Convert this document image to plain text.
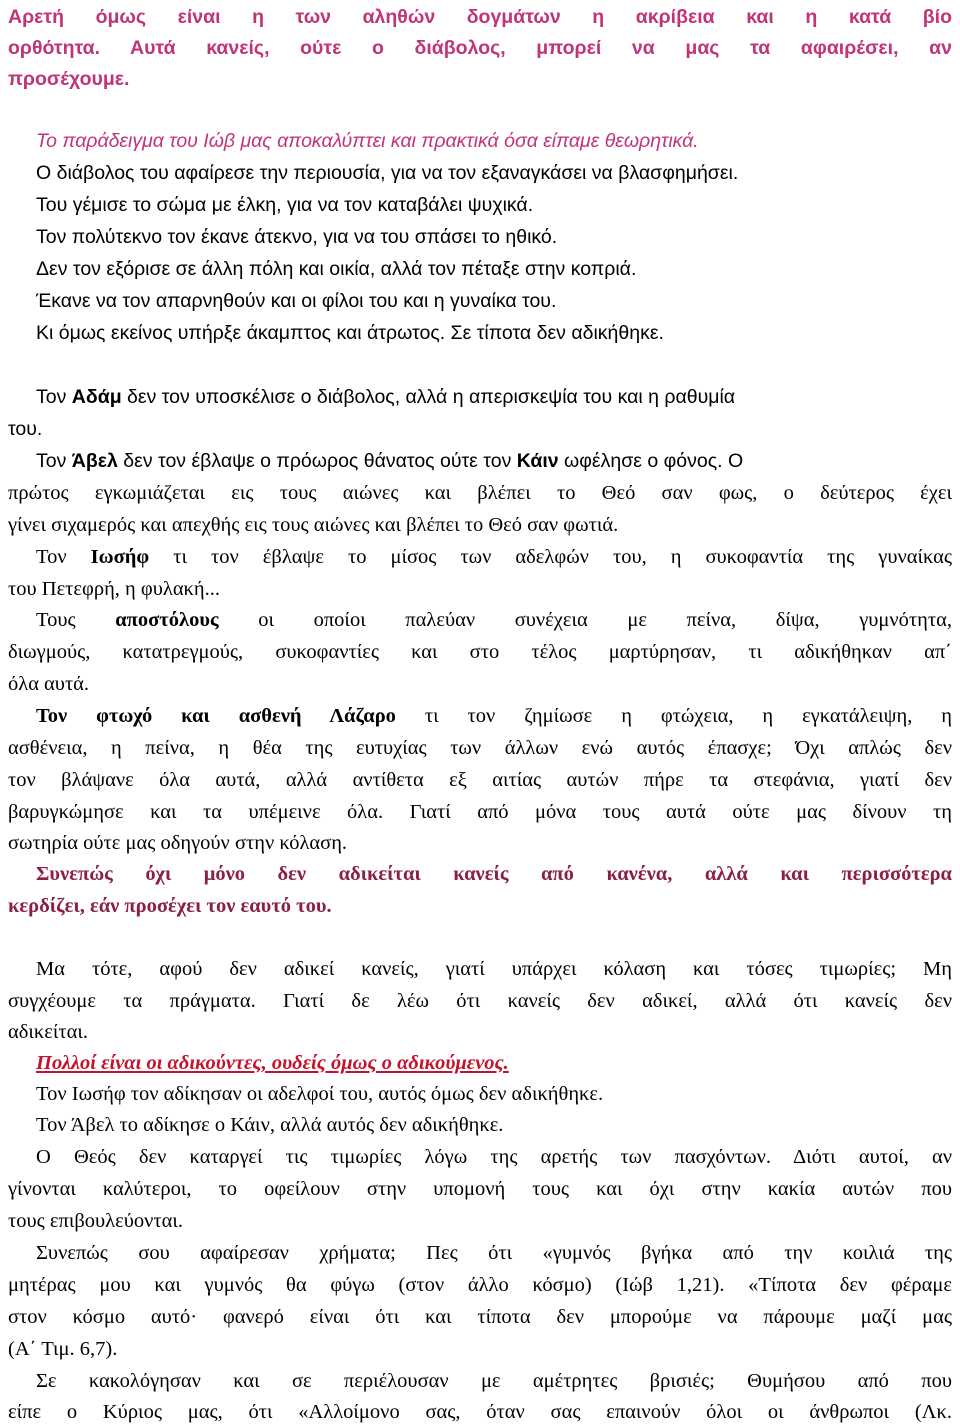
Αρετή όμως είναι η των αληθών δογμάτων η ακρίβεια και η κατά βίο
ορθότητα. Αυτά κανείς, ούτε ο διάβολος, μπορεί να μας τα αφαιρέσει, αν
προσέχουμε.
Το παράδειγμα του Ιώβ μας αποκαλύπτει και πρακτικά όσα είπαμε θεωρητικά.
Ο διάβολος του αφαίρεσε την περιουσία, για να τον εξαναγκάσει να βλασφημήσει.
Του γέμισε το σώμα με έλκη, για να τον καταβάλει ψυχικά.
Τον πολύτεκνο τον έκανε άτεκνο, για να του σπάσει το ηθικό.
Δεν τον εξόρισε σε άλλη πόλη και οικία, αλλά τον πέταξε στην κοπριά.
Έκανε να τον απαρνηθούν και οι φίλοι του και η γυναίκα του.
Κι όμως εκείνος υπήρξε άκαμπτος και άτρωτος. Σε τίποτα δεν αδικήθηκε.
Τον Αδάμ δεν τον υποσκέλισε ο διάβολος, αλλά η απερισκεψία του και η ραθυμία
του.
Τον Άβελ δεν τον έβλαψε ο πρόωρος θάνατος ούτε τον Κάιν ωφέλησε ο φόνος. Ο
πρώτος εγκωμιάζεται εις τους αιώνες και βλέπει το Θεό σαν φως, ο δεύτερος έχει
γίνει σιχαμερός και απεχθής εις τους αιώνες και βλέπει το Θεό σαν φωτιά.
Τον Ιωσήφ τι τον έβλαψε το μίσος των αδελφών του, η συκοφαντία της γυναίκας
του Πετεφρή, η φυλακή...
Τους αποστόλους οι οποίοι παλεύαν συνέχεια με πείνα, δίψα, γυμνότητα,
διωγμούς, κατατρεγμούς, συκοφαντίες και στο τέλος μαρτύρησαν, τι αδικήθηκαν απ΄
όλα αυτά.
Τον φτωχό και ασθενή Λάζαρο τι τον ζημίωσε η φτώχεια, η εγκατάλειψη, η
ασθένεια, η πείνα, η θέα της ευτυχίας των άλλων ενώ αυτός έπασχε; Όχι απλώς δεν
τον βλάψανε όλα αυτά, αλλά αντίθετα εξ αιτίας αυτών πήρε τα στεφάνια, γιατί δεν
βαρυγκώμησε και τα υπέμεινε όλα. Γιατί από μόνα τους αυτά ούτε μας δίνουν τη
σωτηρία ούτε μας οδηγούν στην κόλαση.
Συνεπώς όχι μόνο δεν αδικείται κανείς από κανένα, αλλά και περισσότερα
κερδίζει, εάν προσέχει τον εαυτό του.
Μα τότε, αφού δεν αδικεί κανείς, γιατί υπάρχει κόλαση και τόσες τιμωρίες; Μη
συγχέουμε τα πράγματα. Γιατί δε λέω ότι κανείς δεν αδικεί, αλλά ότι κανείς δεν
αδικείται.
Πολλοί είναι οι αδικούντες, ουδείς όμως ο αδικούμενος.
Τον Ιωσήφ τον αδίκησαν οι αδελφοί του, αυτός όμως δεν αδικήθηκε.
Τον Άβελ το αδίκησε ο Κάιν, αλλά αυτός δεν αδικήθηκε.
Ο Θεός δεν καταργεί τις τιμωρίες λόγω της αρετής των πασχόντων. Διότι αυτοί, αν
γίνονται καλύτεροι, το οφείλουν στην υπομονή τους και όχι στην κακία αυτών που
τους επιβουλεύονται.
Συνεπώς σου αφαίρεσαν χρήματα; Πες ότι «γυμνός βγήκα από την κοιλιά της
μητέρας μου και γυμνός θα φύγω (στον άλλο κόσμο) (Ιώβ 1,21). «Τίποτα δεν φέραμε
στον κόσμο αυτό· φανερό είναι ότι και τίποτα δεν μπορούμε να πάρουμε μαζί μας
(Α΄ Τιμ. 6,7).
Σε κακολόγησαν και σε περιέλουσαν με αμέτρητες βρισιές; Θυμήσου από που
είπε ο Κύριος μας, ότι «Αλλοίμονο σας, όταν σας επαινούν όλοι οι άνθρωποι (Λκ.
